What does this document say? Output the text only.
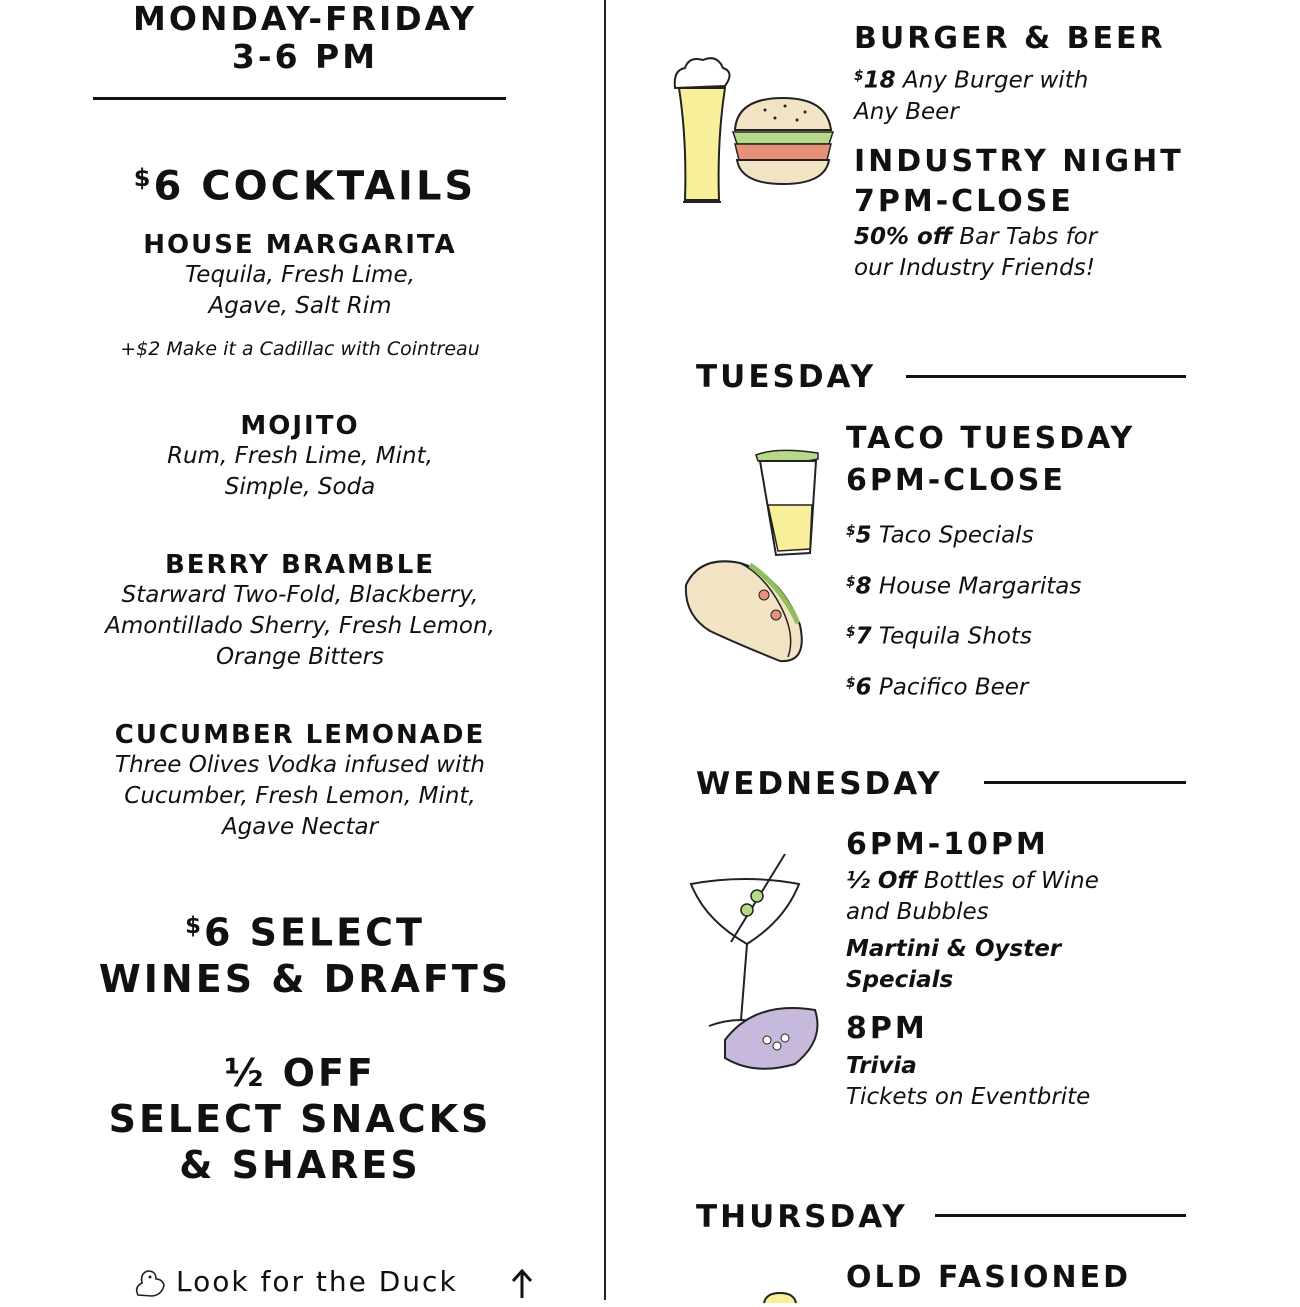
MONDAY-FRIDAY
3-6 PM
$6 COCKTAILS
HOUSE MARGARITA
Tequila, Fresh Lime,
Agave, Salt Rim
+$2 Make it a Cadillac with Cointreau
MOJITO
Rum, Fresh Lime, Mint,
Simple, Soda
BERRY BRAMBLE
Starward Two-Fold, Blackberry,
Amontillado Sherry, Fresh Lemon,
Orange Bitters
CUCUMBER LEMONADE
Three Olives Vodka infused with
Cucumber, Fresh Lemon, Mint,
Agave Nectar
$6 SELECT
WINES & DRAFTS
½ OFF
SELECT SNACKS
& SHARES
Look for the Duck
BURGER & BEER
$18 Any Burger with
Any Beer
INDUSTRY NIGHT
7PM-CLOSE
50% off Bar Tabs for
our Industry Friends!
TUESDAY
TACO TUESDAY
6PM-CLOSE
$5 Taco Specials
$8 House Margaritas
$7 Tequila Shots
$6 Pacifico Beer
WEDNESDAY
6PM-10PM
½ Off Bottles of Wine
and Bubbles
Martini & Oyster
Specials
8PM
Trivia
Tickets on Eventbrite
THURSDAY
OLD FASIONED
